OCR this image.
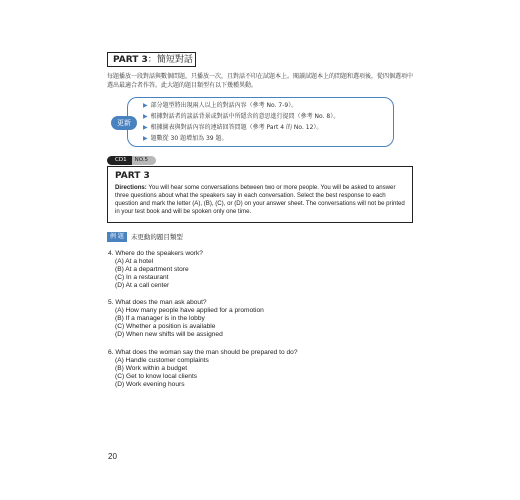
PART 3：簡短對話
每題播放一段對話與數個問題，只播放一次，且對話不印在試題本上。閱讀試題本上的問題和選項後，從四個選項中選出最適合者作答。此大題的題目類型有以下幾種異動。
更新
▶ 部分題型將出現兩人以上的對話內容（參考 No. 7-9）。
▶ 根據對話者的談話背景或對話中所隱含的意思進行提問（參考 No. 8）。
▶ 根據圖表與對話內容的連結回答問題（參考 Part 4 的 No. 12）。
▶ 題數從 30 題增加為 39 題。
CD1	NO.5
PART 3
Directions: You will hear some conversations between two or more people. You will be asked to answer three questions about what the speakers say in each conversation. Select the best response to each question and mark the letter (A), (B), (C), or (D) on your answer sheet. The conversations will not be printed in your test book and will be spoken only one time.
例 題	未更動的題目類型
4. Where do the speakers work?
(A) At a hotel
(B) At a department store
(C) In a restaurant
(D) At a call center
5. What does the man ask about?
(A) How many people have applied for a promotion
(B) If a manager is in the lobby
(C) Whether a position is available
(D) When new shifts will be assigned
6. What does the woman say the man should be prepared to do?
(A) Handle customer complaints
(B) Work within a budget
(C) Get to know local clients
(D) Work evening hours
20
